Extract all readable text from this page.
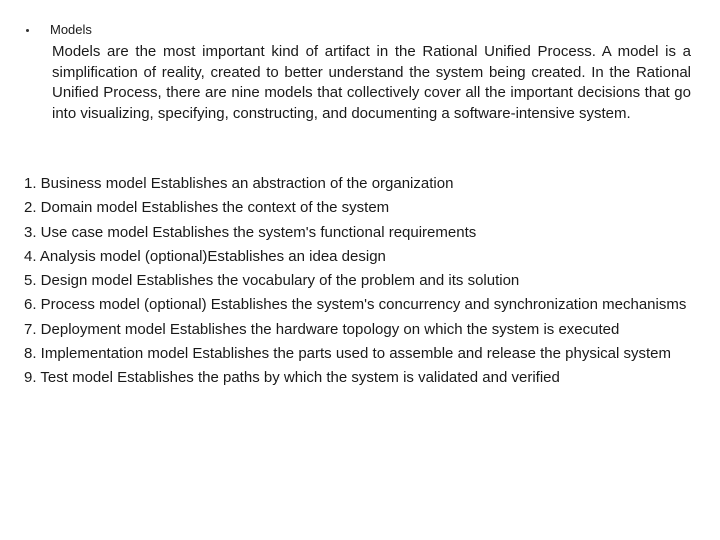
Models

Models are the most important kind of artifact in the Rational Unified Process. A model is a simplification of reality, created to better understand the system being created. In the Rational Unified Process, there are nine models that collectively cover all the important decisions that go into visualizing, specifying, constructing, and documenting a software-intensive system.

1. Business model Establishes an abstraction of the organization
2. Domain model Establishes the context of the system
3. Use case model Establishes the system's functional requirements
4. Analysis model (optional)Establishes an idea design
5. Design model Establishes the vocabulary of the problem and its solution
6. Process model (optional) Establishes the system's concurrency and synchronization mechanisms
7. Deployment model Establishes the hardware topology on which the system is executed
8. Implementation model Establishes the parts used to assemble and release the physical system
9. Test model Establishes the paths by which the system is validated and verified
